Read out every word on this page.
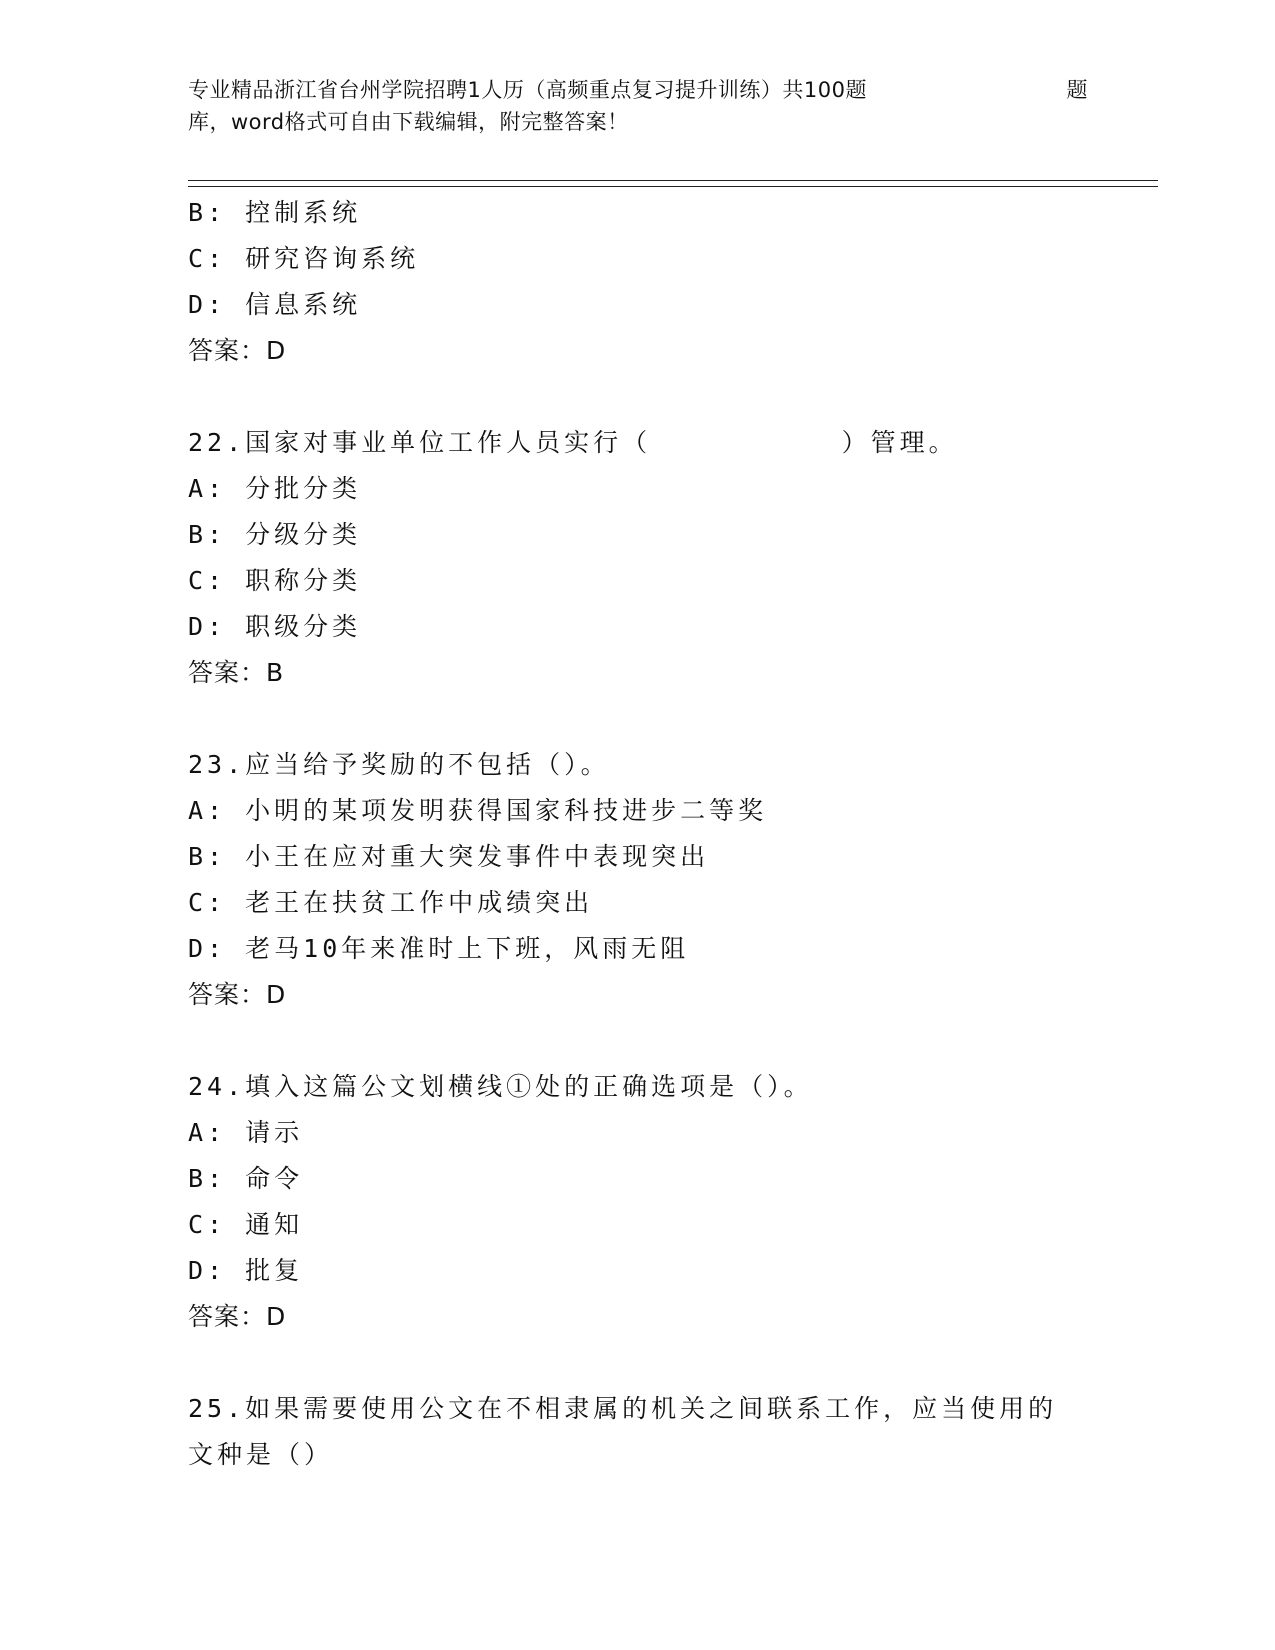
专业精品浙江省台州学院招聘1人历（高频重点复习提升训练）共100题	题
库，word格式可自由下载编辑，附完整答案！
B: 控制系统
C: 研究咨询系统
D: 信息系统
答案：D
22.国家对事业单位工作人员实行（          ）管理。
A: 分批分类
B: 分级分类
C: 职称分类
D: 职级分类
答案：B
23.应当给予奖励的不包括（）。
A: 小明的某项发明获得国家科技进步二等奖
B: 小王在应对重大突发事件中表现突出
C: 老王在扶贫工作中成绩突出
D: 老马10年来准时上下班，风雨无阻
答案：D
24.填入这篇公文划横线①处的正确选项是（）。
A: 请示
B: 命令
C: 通知
D: 批复
答案：D
25.如果需要使用公文在不相隶属的机关之间联系工作，应当使用的文种是（）
